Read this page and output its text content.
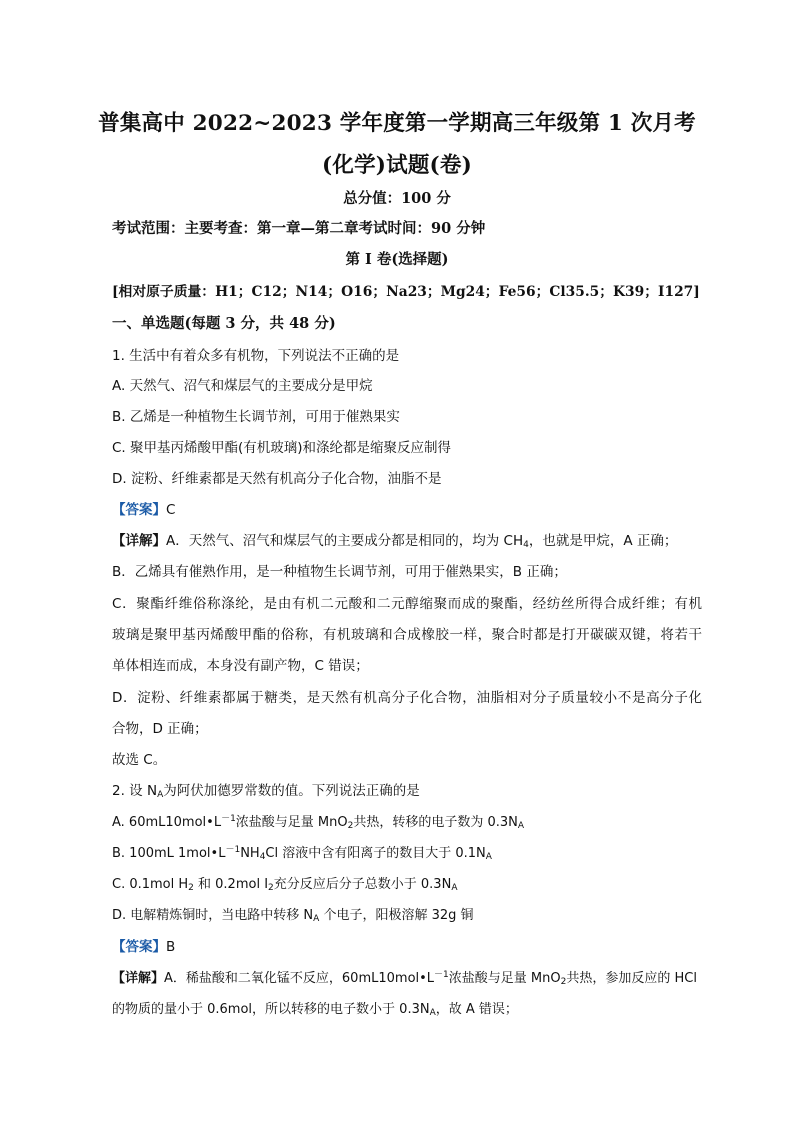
普集高中 2022~2023 学年度第一学期高三年级第 1 次月考
(化学)试题(卷)
总分值：100 分
考试范围：主要考查：第一章—第二章考试时间：90 分钟
第 I 卷(选择题)
[相对原子质量：H1；C12；N14；O16；Na23；Mg24；Fe56；Cl35.5；K39；I127]
一、单选题(每题 3 分，共 48 分)
1. 生活中有着众多有机物，下列说法不正确的是
A. 天然气、沼气和煤层气的主要成分是甲烷
B. 乙烯是一种植物生长调节剂，可用于催熟果实
C. 聚甲基丙烯酸甲酯(有机玻璃)和涤纶都是缩聚反应制得
D. 淀粉、纤维素都是天然有机高分子化合物，油脂不是
【答案】C
【详解】A．天然气、沼气和煤层气的主要成分都是相同的，均为 $CH_4$，也就是甲烷，A 正确；
B．乙烯具有催熟作用，是一种植物生长调节剂，可用于催熟果实，B 正确；
C．聚酯纤维俗称涤纶，是由有机二元酸和二元醇缩聚而成的聚酯，经纺丝所得合成纤维；有机
玻璃是聚甲基丙烯酸甲酯的俗称，有机玻璃和合成橡胶一样，聚合时都是打开碳碳双键，将若干
单体相连而成，本身没有副产物，C 错误；
D．淀粉、纤维素都属于糖类，是天然有机高分子化合物，油脂相对分子质量较小不是高分子化
合物，D 正确；
故选 C。
2. 设 $N_A$为阿伏加德罗常数的值。下列说法正确的是
A. $60mL10mol•L^{-1}$浓盐酸与足量 MnO$_2$共热，转移的电子数为 $0.3N_A$
B. 100mL $1mol•L^{-1}NH_4Cl$ 溶液中含有阳离子的数目大于 $0.1N_A$
C. 0.1mol $H_2$ 和 0.2mol $I_2$充分反应后分子总数小于 $0.3N_A$
D. 电解精炼铜时，当电路中转移 $N_A$ 个电子，阳极溶解 32g 铜
【答案】B
【详解】A．稀盐酸和二氧化锰不反应，$60mL10mol•L^{-1}$浓盐酸与足量 MnO$_2$共热，参加反应的 HCl
的物质的量小于 0.6mol，所以转移的电子数小于 $0.3N_A$，故 A 错误；
